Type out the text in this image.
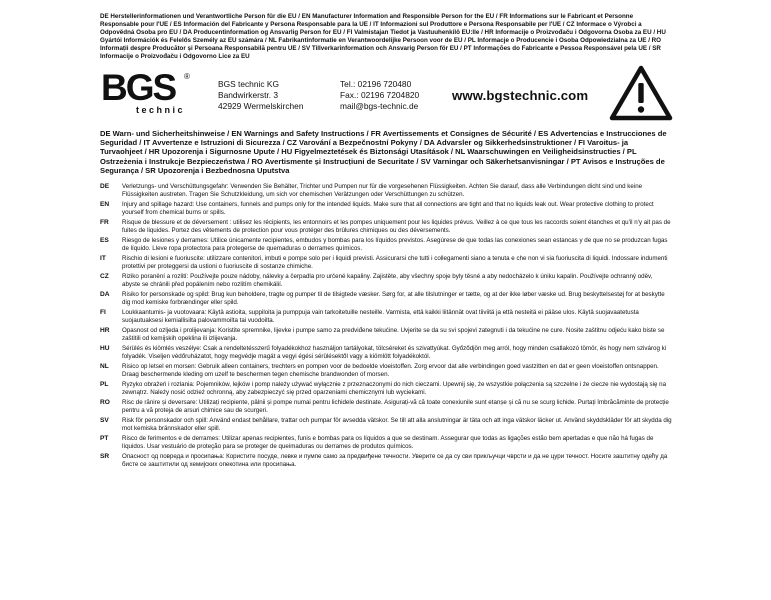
DE Herstellerinformationen und Verantwortliche Person für die EU / EN Manufacturer Information and Responsible Person for the EU / FR Informations sur le Fabricant et Personne Responsable pour l'UE / ES Información del Fabricante y Persona Responsable para la UE / IT Informazioni sul Produttore e Persona Responsabile per l'UE / CZ Informace o Výrobci a Odpovědná Osoba pro EU / DA Producentinformation og Ansvarlig Person for EU / FI Valmistajan Tiedot ja Vastuuhenkilö EU:lle / HR Informacije o Proizvođaču i Odgovorna Osoba za EU / HU Gyártói Információk és Felelős Személy az EU számára / NL Fabrikantinformatie en Verantwoordelijke Persoon voor de EU / PL Informacje o Producencie i Osoba Odpowiedzialna za UE / RO Informații despre Producător și Persoana Responsabilă pentru UE / SV Tillverkarinformation och Ansvarig Person för EU / PT Informações do Fabricante e Pessoa Responsável pela UE / SR Informacije o Proizvođaču i Odgovorno Lice za EU

BGS ®
technic
BGS technic KG
Bandwirkerstr. 3
42929 Wermelskirchen
Tel.: 02196 720480
Fax.: 02196 7204820
mail@bgs-technic.de
www.bgstechnic.com

DE Warn- und Sicherheitshinweise / EN Warnings and Safety Instructions / FR Avertissements et Consignes de Sécurité / ES Advertencias e Instrucciones de Seguridad / IT Avvertenze e Istruzioni di Sicurezza / CZ Varování a Bezpečnostní Pokyny / DA Advarsler og Sikkerhedsinstruktioner / FI Varoitus- ja Turvaohjeet / HR Upozorenja i Sigurnosne Upute / HU Figyelmeztetések és Biztonsági Utasítások / NL Waarschuwingen en Veiligheidsinstructies / PL Ostrzeżenia i Instrukcje Bezpieczeństwa / RO Avertismente și Instrucțiuni de Securitate / SV Varningar och Säkerhetsanvisningar / PT Avisos e Instruções de Segurança / SR Upozorenja i Bezbednosna Uputstva

DE	Verletzungs- und Verschüttungsgefahr: Verwenden Sie Behälter, Trichter und Pumpen nur für die vorgesehenen Flüssigkeiten. Achten Sie darauf, dass alle Verbindungen dicht sind und keine Flüssigkeiten austreten. Tragen Sie Schutzkleidung, um sich vor chemischen Verätzungen oder Verschüttungen zu schützen.
EN	Injury and spillage hazard: Use containers, funnels and pumps only for the intended liquids. Make sure that all connections are tight and that no liquids leak out. Wear protective clothing to protect yourself from chemical burns or spills.
FR	Risque de blessure et de déversement : utilisez les récipients, les entonnoirs et les pompes uniquement pour les liquides prévus. Veillez à ce que tous les raccords soient étanches et qu'il n'y ait pas de fuites de liquides. Portez des vêtements de protection pour vous protéger des brûlures chimiques ou des déversements.
ES	Riesgo de lesiones y derrames: Utilice únicamente recipientes, embudos y bombas para los líquidos previstos. Asegúrese de que todas las conexiones sean estancas y de que no se produzcan fugas de líquido. Lleve ropa protectora para protegerse de quemaduras o derrames químicos.
IT	Rischio di lesioni e fuoriuscite: utilizzare contenitori, imbuti e pompe solo per i liquidi previsti. Assicurarsi che tutti i collegamenti siano a tenuta e che non vi sia fuoriuscita di liquidi. Indossare indumenti protettivi per proteggersi da ustioni o fuoriuscite di sostanze chimiche.
CZ	Riziko poranění a rozlití: Používejte pouze nádoby, nálevky a čerpadla pro určené kapaliny. Zajistěte, aby všechny spoje byly těsné a aby nedocházelo k úniku kapalin. Používejte ochranný oděv, abyste se chránili před popálením nebo rozlitím chemikálií.
DA	Risiko for personskade og spild: Brug kun beholdere, tragte og pumper til de tilsigtede væsker. Sørg for, at alle tilslutninger er tætte, og at der ikke løber væske ud. Brug beskyttelsestøj for at beskytte dig mod kemiske forbrændinger eller spild.
FI	Loukkaantumis- ja vuotovaara: Käytä astioita, suppiloita ja pumppuja vain tarkoitetuille nesteille. Varmista, että kaikki liitännät ovat tiiviitä ja että nesteitä ei pääse ulos. Käytä suojavaatetusta suojautuaksesi kemiallisilta palovammoilta tai vuodoilta.
HR	Opasnost od ozljeda i prolijevanja: Koristite spremnike, lijevke i pumpe samo za predviđene tekućine. Uvjerite se da su svi spojevi zategnuti i da tekućine ne cure. Nosite zaštitnu odjeću kako biste se zaštitili od kemijskih opeklina ili izlijevanja.
HU	Sérülés és kiömlés veszélye: Csak a rendeltetésszerű folyadékokhoz használjon tartályokat, tölcséreket és szivattyúkat. Győződjön meg arról, hogy minden csatlakozó tömör, és hogy nem szivárog ki folyadék. Viseljen védőruházatot, hogy megvédje magát a vegyi égési sérülésektől vagy a kiömlött folyadékoktól.
NL	Risico op letsel en morsen: Gebruik alleen containers, trechters en pompen voor de bedoelde vloeistoffen. Zorg ervoor dat alle verbindingen goed vastzitten en dat er geen vloeistoffen ontsnappen. Draag beschermende kleding om uzelf te beschermen tegen chemische brandwonden of morsen.
PL	Ryzyko obrażeń i rozlania: Pojemników, lejków i pomp należy używać wyłącznie z przeznaczonymi do nich cieczami. Upewnij się, że wszystkie połączenia są szczelne i że ciecze nie wydostają się na zewnątrz. Należy nosić odzież ochronną, aby zabezpieczyć się przed oparzeniami chemicznymi lub wyciekami.
RO	Risc de rănire și deversare: Utilizați recipiente, pâlnii și pompe numai pentru lichidele destinate. Asigurați-vă că toate conexiunile sunt etanșe și că nu se scurg lichide. Purtați îmbrăcăminte de protecție pentru a vă proteja de arsuri chimice sau de scurgeri.
SV	Risk för personskador och spill: Använd endast behållare, trattar och pumpar för avsedda vätskor. Se till att alla anslutningar är täta och att inga vätskor läcker ut. Använd skyddskläder för att skydda dig mot kemiska brännskador eller spill.
PT	Risco de ferimentos e de derrames: Utilizar apenas recipientes, funis e bombas para os líquidos a que se destinam. Assegurar que todas as ligações estão bem apertadas e que não há fugas de líquidos. Usar vestuário de proteção para se proteger de queimaduras ou derrames de produtos químicos.
SR	Опасност од повреда и просипања: Користите посуде, левке и пумпе само за предвиђене течности. Уверите се да су сви прикључци чврсти и да не цури течност. Носите заштитну одећу да бисте се заштитили од хемијских опекотина или просипања.
